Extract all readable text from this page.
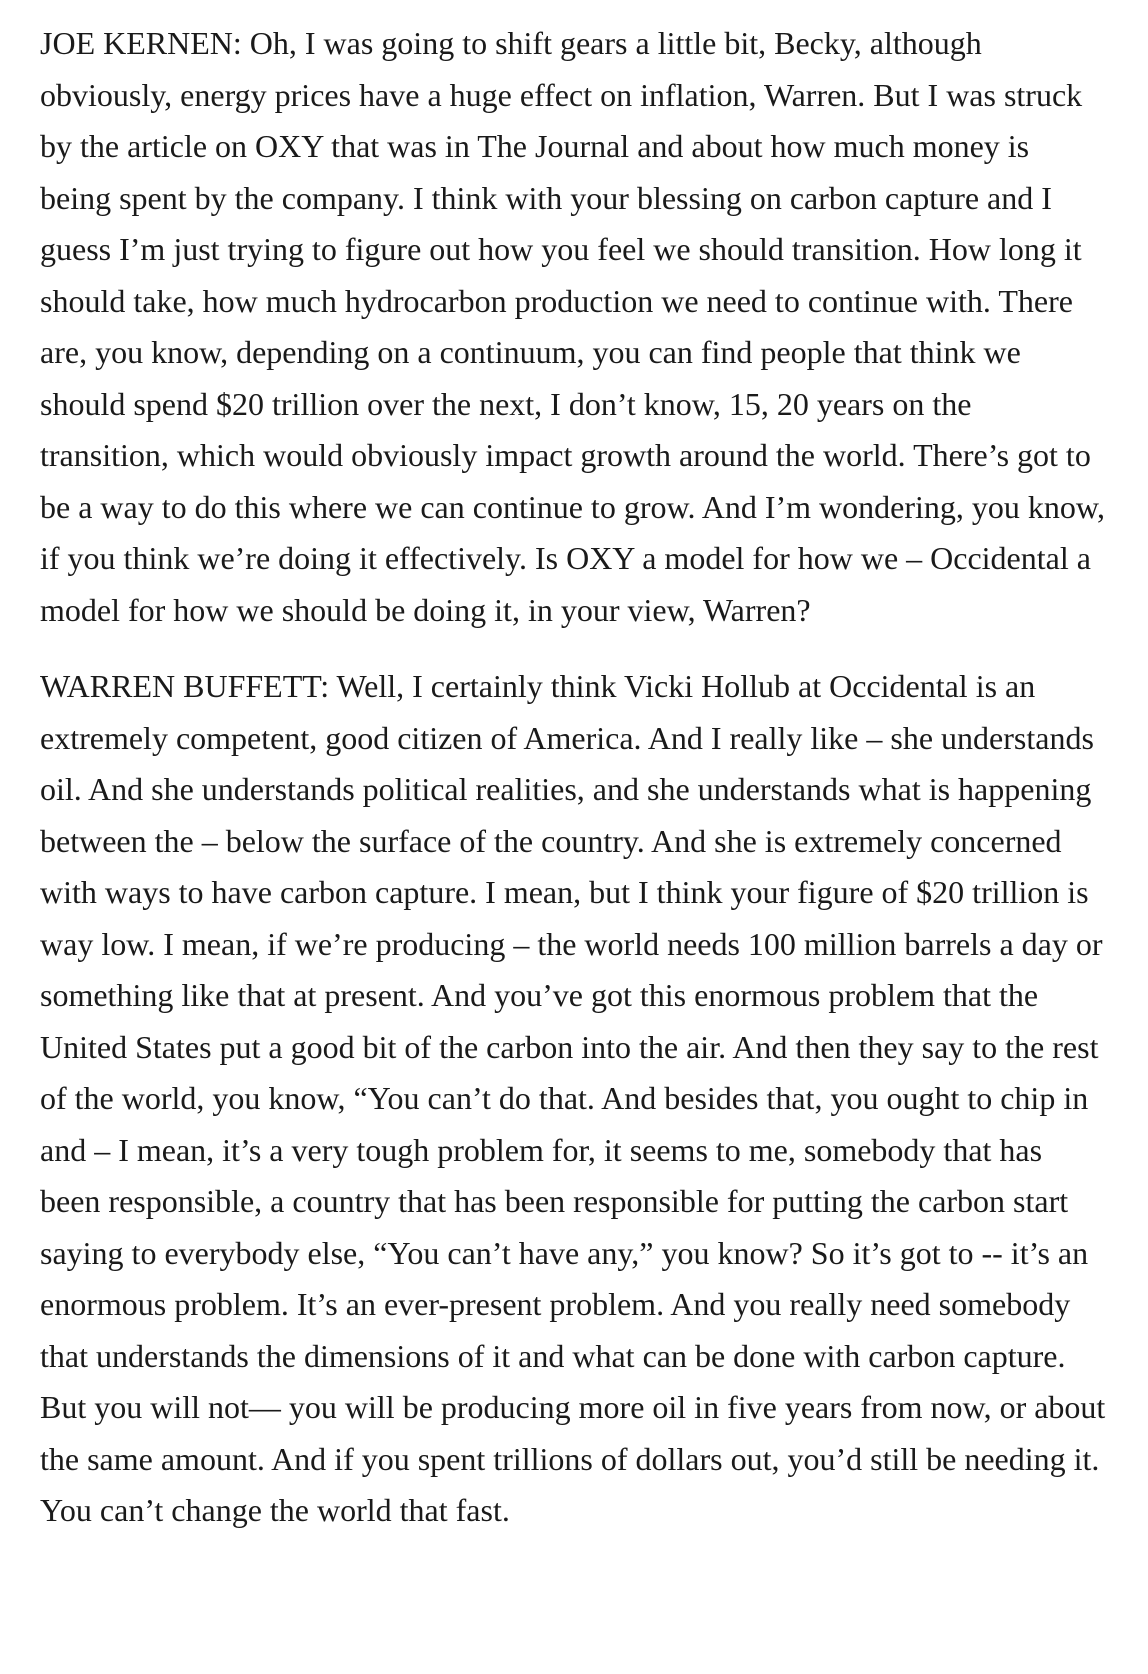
JOE KERNEN: Oh, I was going to shift gears a little bit, Becky, although obviously, energy prices have a huge effect on inflation, Warren. But I was struck by the article on OXY that was in The Journal and about how much money is being spent by the company. I think with your blessing on carbon capture and I guess I’m just trying to figure out how you feel we should transition. How long it should take, how much hydrocarbon production we need to continue with. There are, you know, depending on a continuum, you can find people that think we should spend $20 trillion over the next, I don’t know, 15, 20 years on the transition, which would obviously impact growth around the world. There’s got to be a way to do this where we can continue to grow. And I’m wondering, you know, if you think we’re doing it effectively. Is OXY a model for how we – Occidental a model for how we should be doing it, in your view, Warren?

WARREN BUFFETT: Well, I certainly think Vicki Hollub at Occidental is an extremely competent, good citizen of America. And I really like – she understands oil. And she understands political realities, and she understands what is happening between the – below the surface of the country. And she is extremely concerned with ways to have carbon capture. I mean, but I think your figure of $20 trillion is way low. I mean, if we’re producing – the world needs 100 million barrels a day or something like that at present. And you’ve got this enormous problem that the United States put a good bit of the carbon into the air. And then they say to the rest of the world, you know, “You can’t do that. And besides that, you ought to chip in and – I mean, it’s a very tough problem for, it seems to me, somebody that has been responsible, a country that has been responsible for putting the carbon start saying to everybody else, “You can’t have any,” you know? So it’s got to -- it’s an enormous problem. It’s an ever-present problem. And you really need somebody that understands the dimensions of it and what can be done with carbon capture. But you will not— you will be producing more oil in five years from now, or about the same amount. And if you spent trillions of dollars out, you’d still be needing it. You can’t change the world that fast.
